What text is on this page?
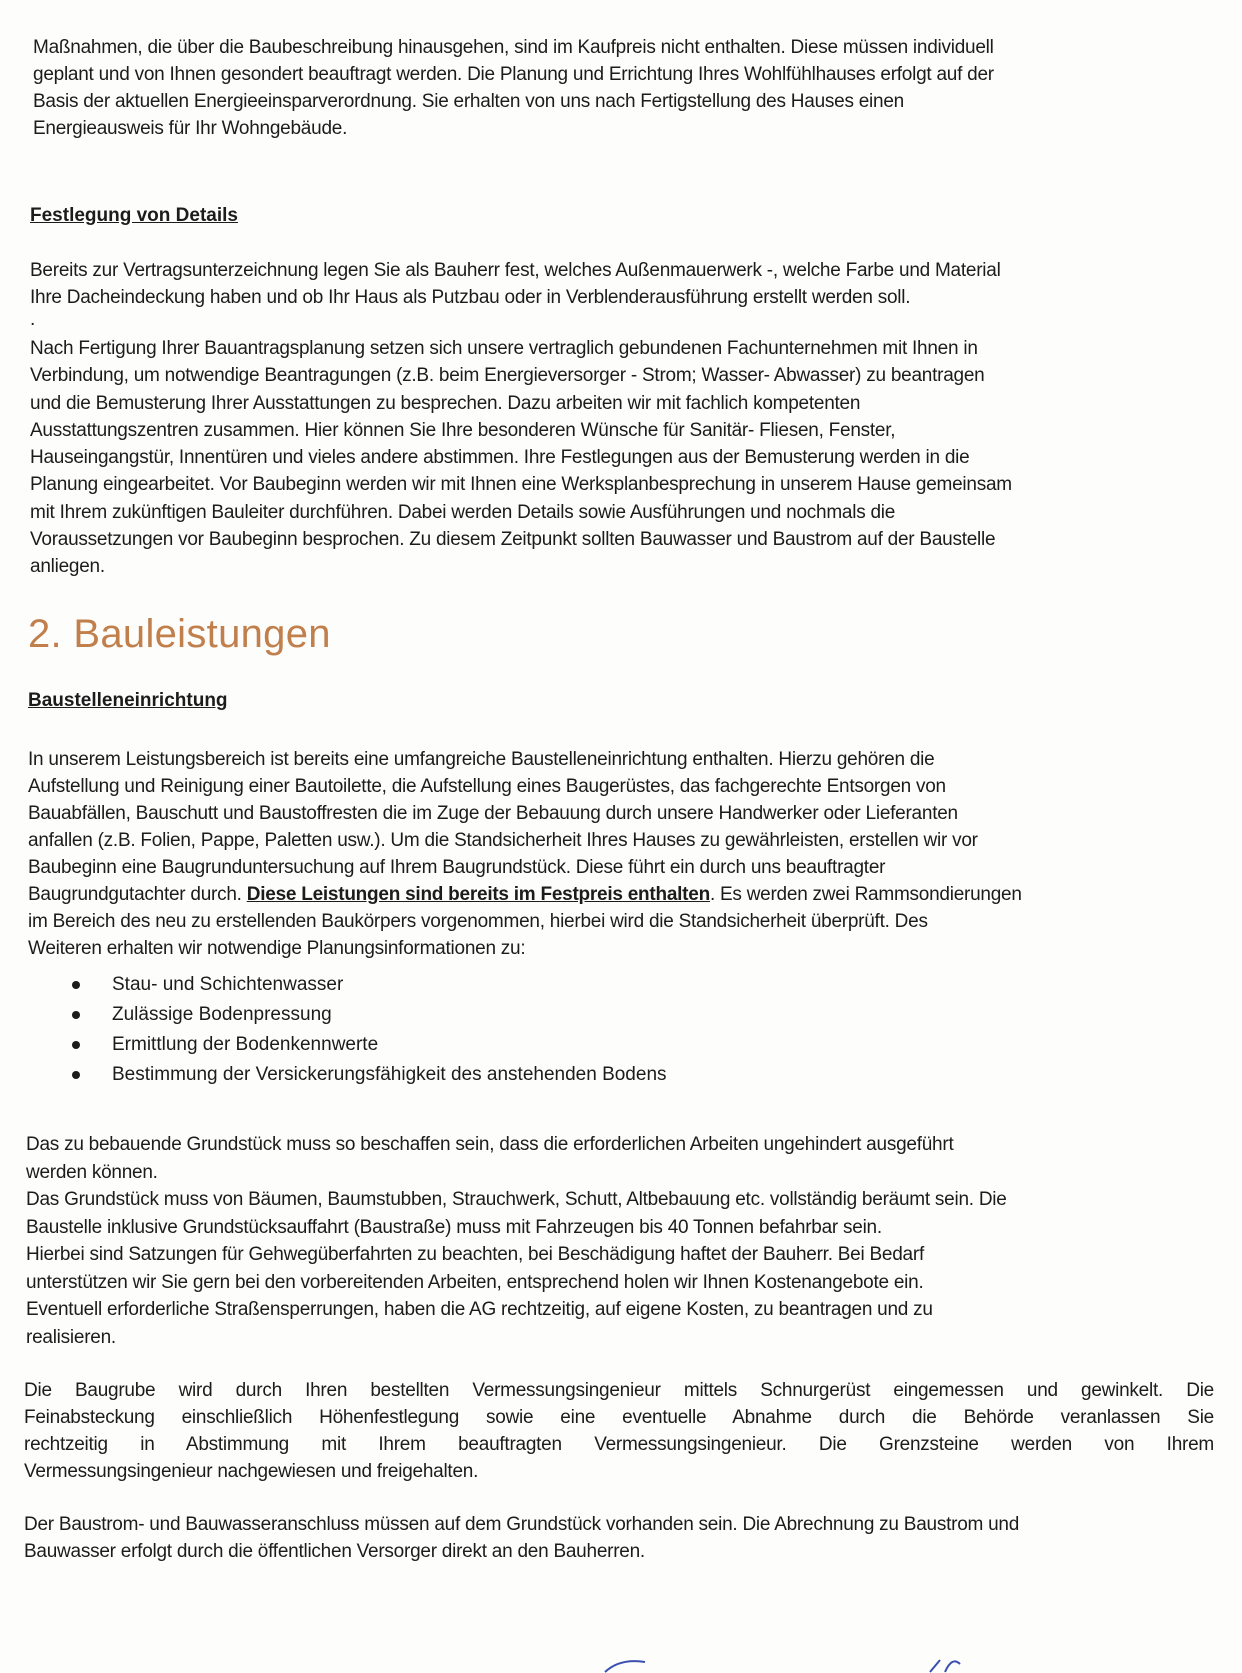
Maßnahmen, die über die Baubeschreibung hinausgehen, sind im Kaufpreis nicht enthalten. Diese müssen individuell
geplant und von Ihnen gesondert beauftragt werden. Die Planung und Errichtung Ihres Wohlfühlhauses erfolgt auf der
Basis der aktuellen Energieeinsparverordnung. Sie erhalten von uns nach Fertigstellung des Hauses einen
Energieausweis für Ihr Wohngebäude.
Festlegung von Details
Bereits zur Vertragsunterzeichnung legen Sie als Bauherr fest, welches Außenmauerwerk -, welche Farbe und Material
Ihre Dacheindeckung haben und ob Ihr Haus als Putzbau oder in Verblenderausführung erstellt werden soll.
.
Nach Fertigung Ihrer Bauantragsplanung setzen sich unsere vertraglich gebundenen Fachunternehmen mit Ihnen in
Verbindung, um notwendige Beantragungen (z.B. beim Energieversorger - Strom; Wasser- Abwasser) zu beantragen
und die Bemusterung Ihrer Ausstattungen zu besprechen. Dazu arbeiten wir mit fachlich kompetenten
Ausstattungszentren zusammen. Hier können Sie Ihre besonderen Wünsche für Sanitär- Fliesen, Fenster,
Hauseingangstür, Innentüren und vieles andere abstimmen. Ihre Festlegungen aus der Bemusterung werden in die
Planung eingearbeitet. Vor Baubeginn werden wir mit Ihnen eine Werksplanbesprechung in unserem Hause gemeinsam
mit Ihrem zukünftigen Bauleiter durchführen. Dabei werden Details sowie Ausführungen und nochmals die
Voraussetzungen vor Baubeginn besprochen. Zu diesem Zeitpunkt sollten Bauwasser und Baustrom auf der Baustelle
anliegen.
2. Bauleistungen
Baustelleneinrichtung
In unserem Leistungsbereich ist bereits eine umfangreiche Baustelleneinrichtung enthalten. Hierzu gehören die
Aufstellung und Reinigung einer Bautoilette, die Aufstellung eines Baugerüstes, das fachgerechte Entsorgen von
Bauabfällen, Bauschutt und Baustoffresten die im Zuge der Bebauung durch unsere Handwerker oder Lieferanten
anfallen (z.B. Folien, Pappe, Paletten usw.). Um die Standsicherheit Ihres Hauses zu gewährleisten, erstellen wir vor
Baubeginn eine Baugrunduntersuchung auf Ihrem Baugrundstück. Diese führt ein durch uns beauftragter
Baugrundgutachter durch. Diese Leistungen sind bereits im Festpreis enthalten. Es werden zwei Rammsondierungen
im Bereich des neu zu erstellenden Baukörpers vorgenommen, hierbei wird die Standsicherheit überprüft. Des
Weiteren erhalten wir notwendige Planungsinformationen zu:
Stau- und Schichtenwasser
Zulässige Bodenpressung
Ermittlung der Bodenkennwerte
Bestimmung der Versickerungsfähigkeit des anstehenden Bodens
Das zu bebauende Grundstück muss so beschaffen sein, dass die erforderlichen Arbeiten ungehindert ausgeführt
werden können.
Das Grundstück muss von Bäumen, Baumstubben, Strauchwerk, Schutt, Altbebauung etc. vollständig beräumt sein. Die
Baustelle inklusive Grundstücksauffahrt (Baustraße) muss mit Fahrzeugen bis 40 Tonnen befahrbar sein.
Hierbei sind Satzungen für Gehwegüberfahrten zu beachten, bei Beschädigung haftet der Bauherr. Bei Bedarf
unterstützen wir Sie gern bei den vorbereitenden Arbeiten, entsprechend holen wir Ihnen Kostenangebote ein.
Eventuell erforderliche Straßensperrungen, haben die AG rechtzeitig, auf eigene Kosten, zu beantragen und zu
realisieren.
Die Baugrube wird durch Ihren bestellten Vermessungsingenieur mittels Schnurgerüst eingemessen und gewinkelt. Die
Feinabsteckung einschließlich Höhenfestlegung sowie eine eventuelle Abnahme durch die Behörde veranlassen Sie
rechtzeitig in Abstimmung mit Ihrem beauftragten Vermessungsingenieur. Die Grenzsteine werden von Ihrem
Vermessungsingenieur nachgewiesen und freigehalten.
Der Baustrom- und Bauwasseranschluss müssen auf dem Grundstück vorhanden sein. Die Abrechnung zu Baustrom und
Bauwasser erfolgt durch die öffentlichen Versorger direkt an den Bauherren.
